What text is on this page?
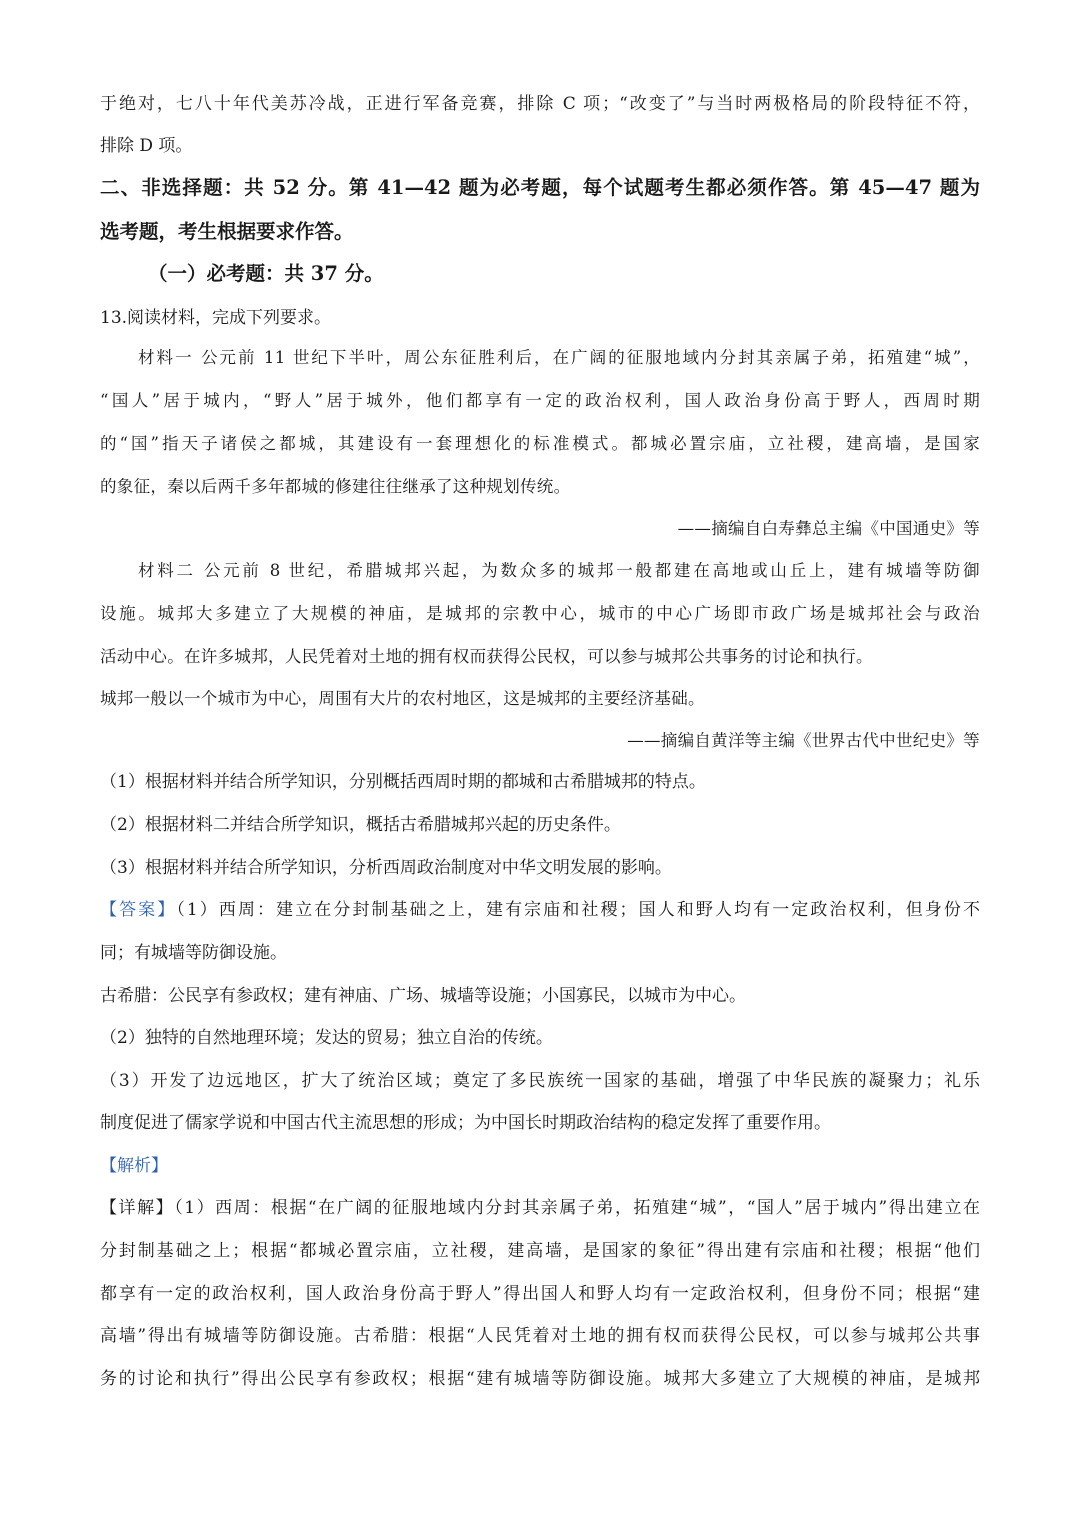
于绝对，七八十年代美苏冷战，正进行军备竞赛，排除 C 项；“改变了”与当时两极格局的阶段特征不符，
排除 D 项。
二、非选择题：共 52 分。第 41—42 题为必考题，每个试题考生都必须作答。第 45—47 题为
选考题，考生根据要求作答。
（一）必考题：共 37 分。
13.阅读材料，完成下列要求。
材料一 公元前 11 世纪下半叶，周公东征胜利后，在广阔的征服地域内分封其亲属子弟，拓殖建“城”，
“国人”居于城内，“野人”居于城外，他们都享有一定的政治权利，国人政治身份高于野人，西周时期
的“国”指天子诸侯之都城，其建设有一套理想化的标准模式。都城必置宗庙，立社稷，建高墙，是国家
的象征，秦以后两千多年都城的修建往往继承了这种规划传统。
——摘编自白寿彝总主编《中国通史》等
材料二 公元前 8 世纪，希腊城邦兴起，为数众多的城邦一般都建在高地或山丘上，建有城墙等防御
设施。城邦大多建立了大规模的神庙，是城邦的宗教中心，城市的中心广场即市政广场是城邦社会与政治
活动中心。在许多城邦，人民凭着对土地的拥有权而获得公民权，可以参与城邦公共事务的讨论和执行。
城邦一般以一个城市为中心，周围有大片的农村地区，这是城邦的主要经济基础。
——摘编自黄洋等主编《世界古代中世纪史》等
（1）根据材料并结合所学知识，分别概括西周时期的都城和古希腊城邦的特点。
（2）根据材料二并结合所学知识，概括古希腊城邦兴起的历史条件。
（3）根据材料并结合所学知识，分析西周政治制度对中华文明发展的影响。
【答案】（1）西周：建立在分封制基础之上，建有宗庙和社稷；国人和野人均有一定政治权利，但身份不
同；有城墙等防御设施。
古希腊：公民享有参政权；建有神庙、广场、城墙等设施；小国寡民，以城市为中心。
（2）独特的自然地理环境；发达的贸易；独立自治的传统。
（3）开发了边远地区，扩大了统治区域；奠定了多民族统一国家的基础，增强了中华民族的凝聚力；礼乐
制度促进了儒家学说和中国古代主流思想的形成；为中国长时期政治结构的稳定发挥了重要作用。
【解析】
【详解】（1）西周：根据“在广阔的征服地域内分封其亲属子弟，拓殖建“城”，“国人”居于城内”得出建立在
分封制基础之上；根据“都城必置宗庙，立社稷，建高墙，是国家的象征”得出建有宗庙和社稷；根据“他们
都享有一定的政治权利，国人政治身份高于野人”得出国人和野人均有一定政治权利，但身份不同；根据“建
高墙”得出有城墙等防御设施。古希腊：根据“人民凭着对土地的拥有权而获得公民权，可以参与城邦公共事
务的讨论和执行”得出公民享有参政权；根据“建有城墙等防御设施。城邦大多建立了大规模的神庙，是城邦
